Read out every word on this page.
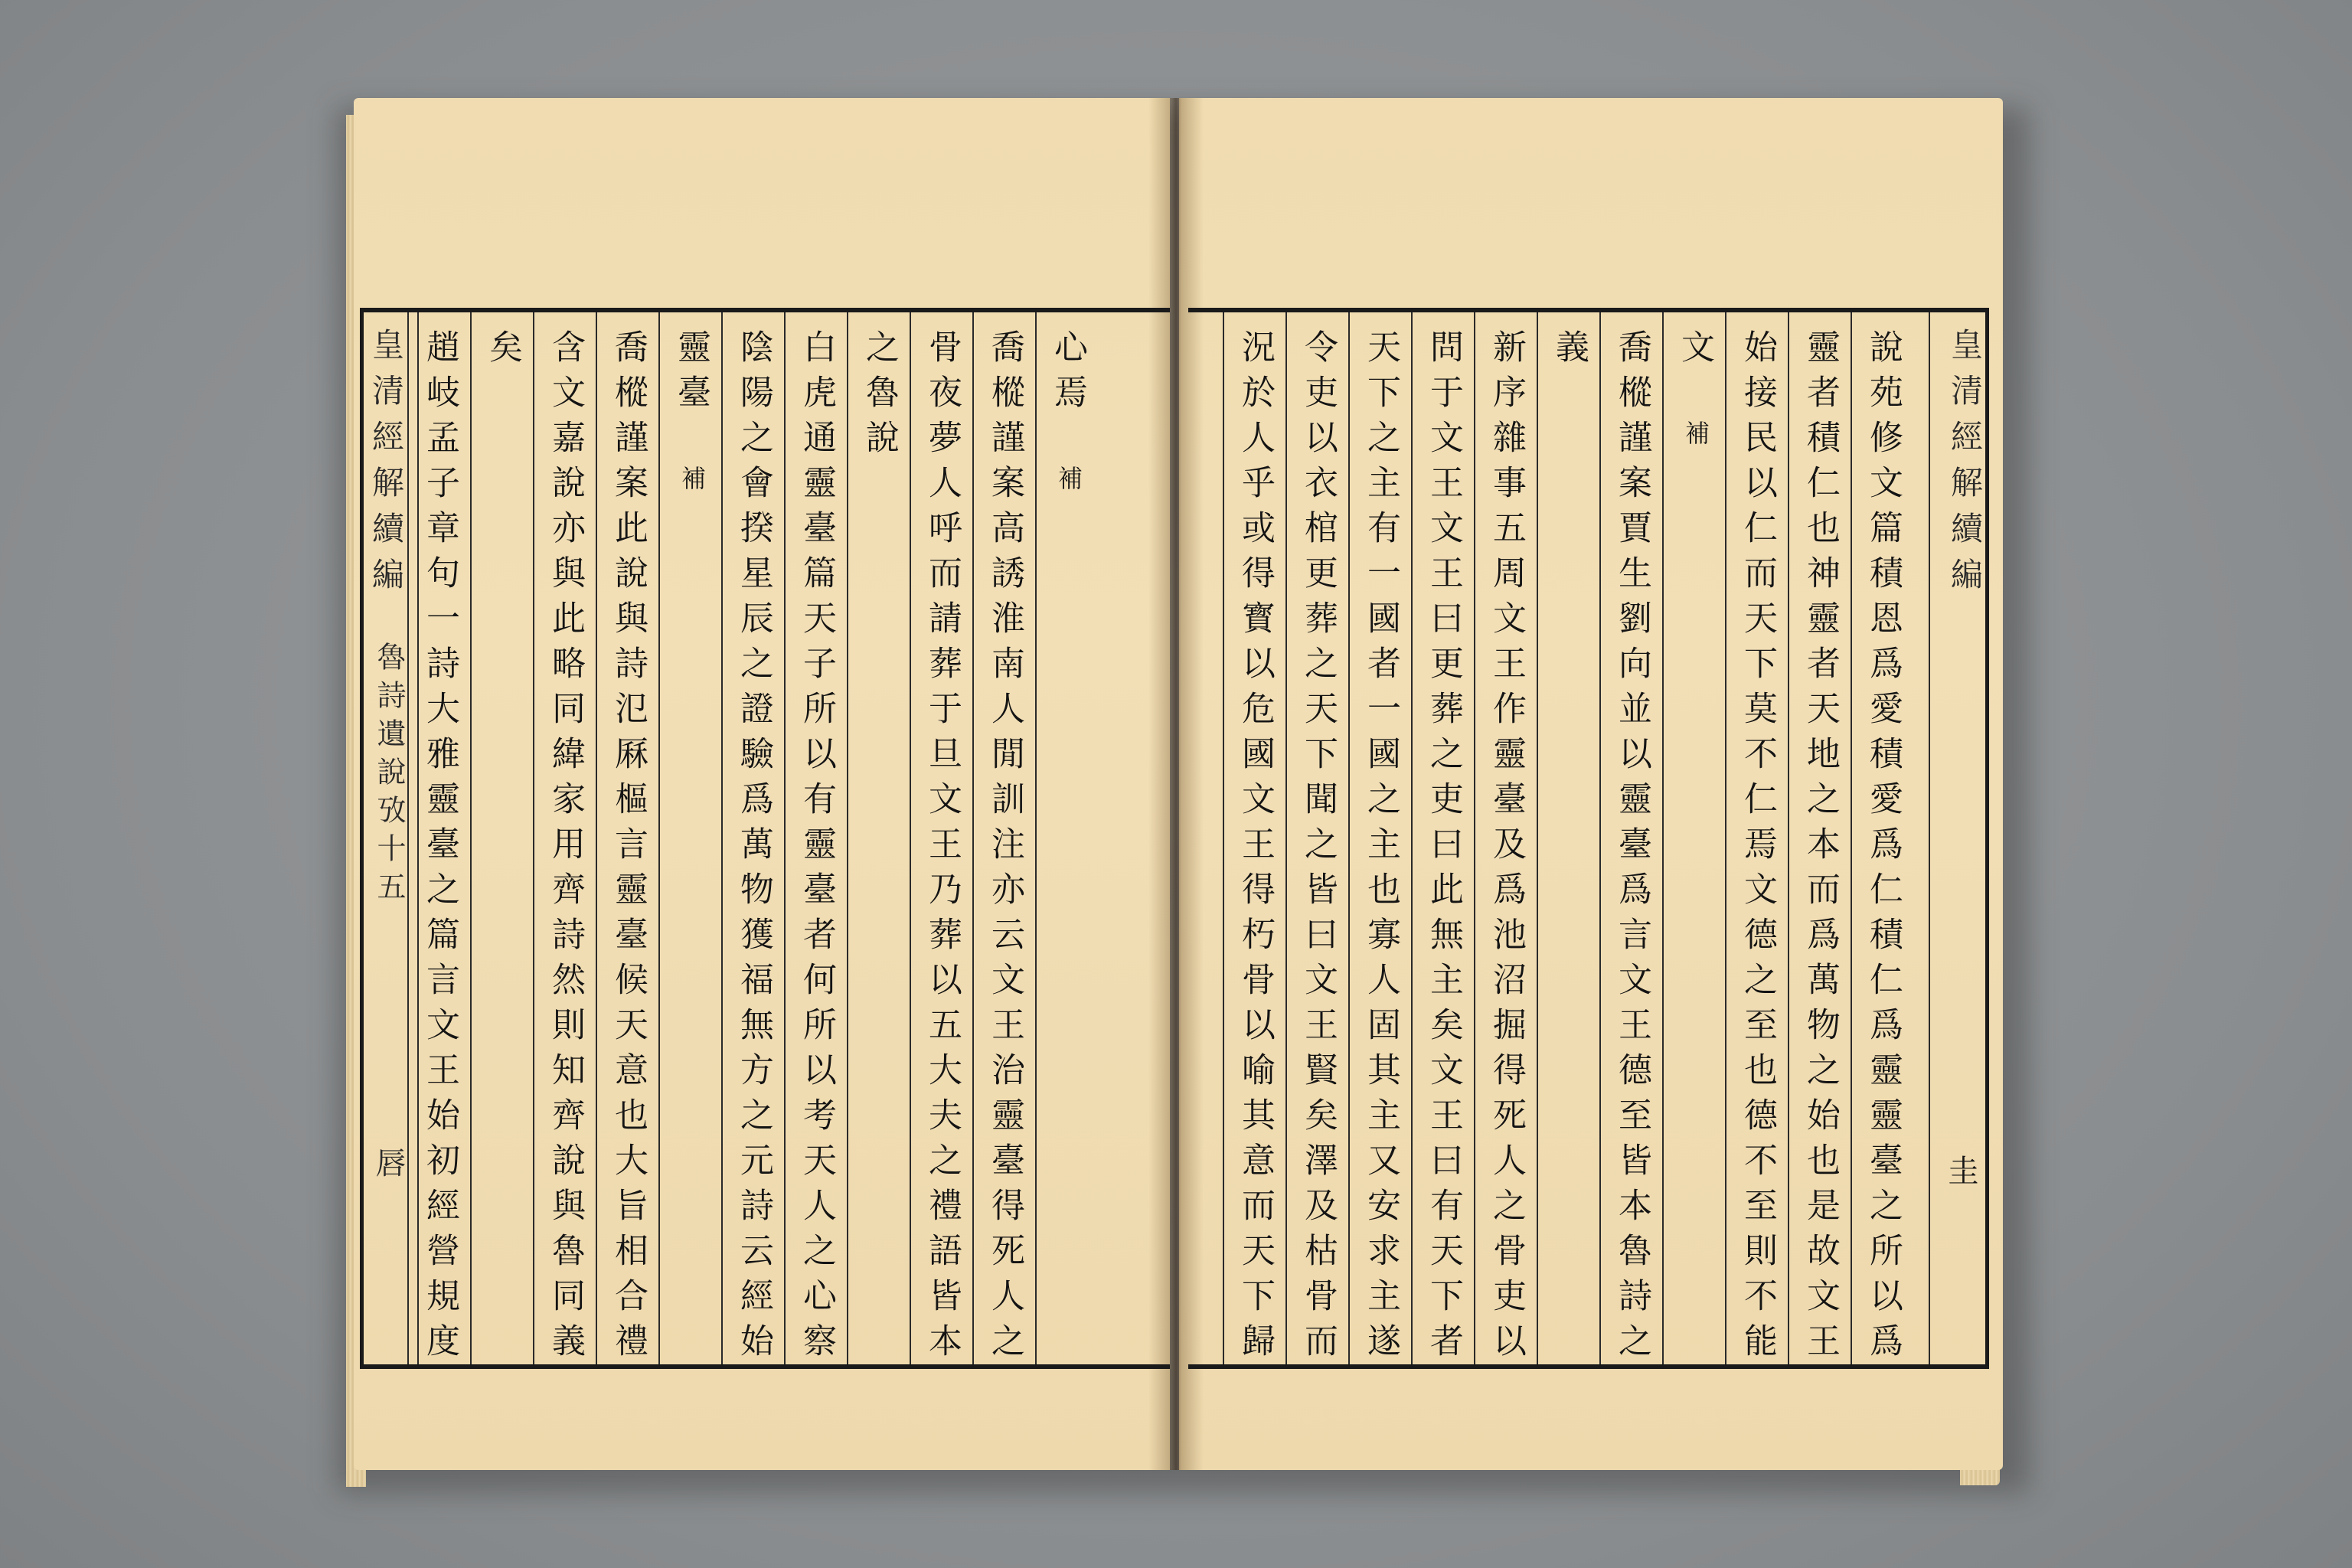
皇清經解續編
魯詩遺說攷十五
唇
心焉
補
喬樅謹案高誘淮南人閒訓注亦云文王治靈臺得死人之
骨夜夢人呼而請葬于旦文王乃葬以五大夫之禮語皆本
之魯說
白虎通靈臺篇天子所以有靈臺者何所以考天人之心察
陰陽之會揆星辰之證驗爲萬物獲福無方之元詩云經始
靈臺
補
喬樅謹案此說與詩氾厤樞言靈臺候天意也大旨相合禮
含文嘉說亦與此略同緯家用齊詩然則知齊說與魯同義
矣
趙岐孟子章句一詩大雅靈臺之篇言文王始初經營規度	皇清經解續編
圭
說苑修文篇積恩爲愛積愛爲仁積仁爲靈靈臺之所以爲
靈者積仁也神靈者天地之本而爲萬物之始也是故文王
始接民以仁而天下莫不仁焉文德之至也德不至則不能
文
補
喬樅謹案賈生劉向並以靈臺爲言文王德至皆本魯詩之
義
新序雜事五周文王作靈臺及爲池沼掘得死人之骨吏以
問于文王文王曰更葬之吏曰此無主矣文王曰有天下者
天下之主有一國者一國之主也寡人固其主又安求主遂
令吏以衣棺更葬之天下聞之皆曰文王賢矣澤及枯骨而
況於人乎或得寳以危國文王得朽骨以喻其意而天下歸
